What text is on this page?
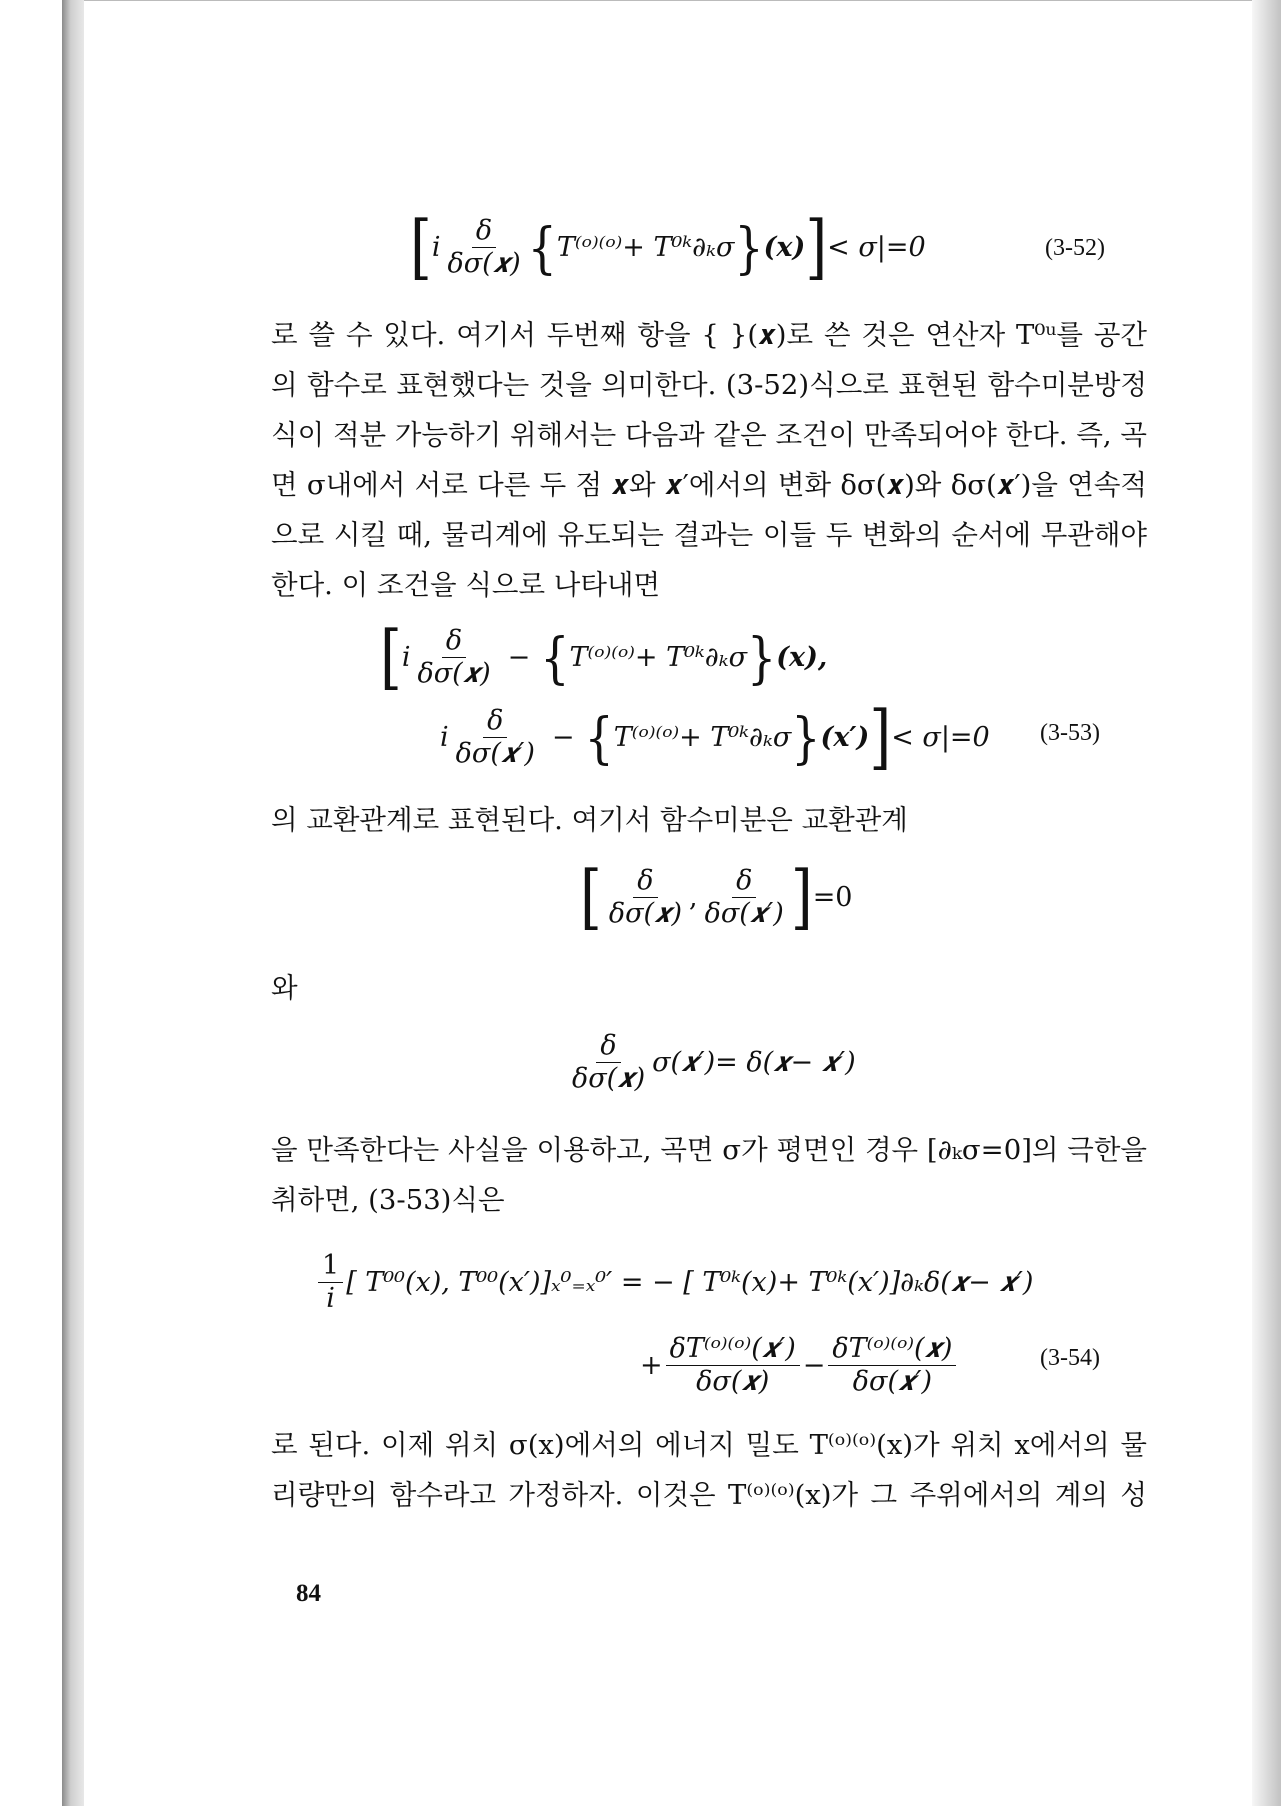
[ i $\frac{\delta}{\text{δσ(𝒙)}}$ { T⁽ᵒ⁾⁽ᵒ⁾+ T⁰ᵏ∂ₖσ } (𝒙) ] < σ|=0	(3-52)
로 쓸 수 있다. 여기서 두번째 항을 { }(𝒙)로 쓴 것은 연산자 T⁰ᵘ를 공간
의 함수로 표현했다는 것을 의미한다. (3-52)식으로 표현된 함수미분방정
식이 적분 가능하기 위해서는 다음과 같은 조건이 만족되어야 한다. 즉, 곡
면 σ내에서 서로 다른 두 점 𝒙와 𝒙′에서의 변화 δσ(𝒙)와 δσ(𝒙′)을 연속적
으로 시킬 때, 물리계에 유도되는 결과는 이들 두 변화의 순서에 무관해야
한다. 이 조건을 식으로 나타내면
[ i $\frac{\delta}{\text{δσ(𝒙)}}$ − { T⁽ᵒ⁾⁽ᵒ⁾+ T⁰ᵏ∂ₖσ } (𝒙),
i $\frac{\delta}{\text{δσ(𝒙′)}}$ − { T⁽ᵒ⁾⁽ᵒ⁾+ T⁰ᵏ∂ₖσ } (𝒙′) ] < σ|=0 (3-53)
의 교환관계로 표현된다. 여기서 함수미분은 교환관계
[ $\frac{\delta}{\text{δσ(𝒙)}}$ , $\frac{\delta}{\text{δσ(𝒙′)}}$ ] =0
와
$\frac{\delta}{\text{δσ(𝒙)}}$ σ(𝒙′)= δ(𝒙− 𝒙′)
을 만족한다는 사실을 이용하고, 곡면 σ가 평면인 경우 [∂ₖσ=0]의 극한을
취하면, (3-53)식은
$\frac{1}{i}$ [ T⁰⁰(x), T⁰⁰(x′)]ₓ⁰₌ₓ⁰′ = − [ T⁰ᵏ(x)+ T⁰ᵏ(x′)]∂ₖδ(𝒙− 𝒙′)
+ $\frac{\text{δT⁽ᵒ⁾⁽ᵒ⁾(𝒙′)}}{\text{δσ(𝒙)}} - \frac{\text{δT⁽ᵒ⁾⁽ᵒ⁾(𝒙)}}{\text{δσ(𝒙′)}}$	(3-54)
로 된다. 이제 위치 σ(x)에서의 에너지 밀도 T⁽ᵒ⁾⁽ᵒ⁾(x)가 위치 x에서의 물
리량만의 함수라고 가정하자. 이것은 T⁽ᵒ⁾⁽ᵒ⁾(x)가 그 주위에서의 계의 성
84
